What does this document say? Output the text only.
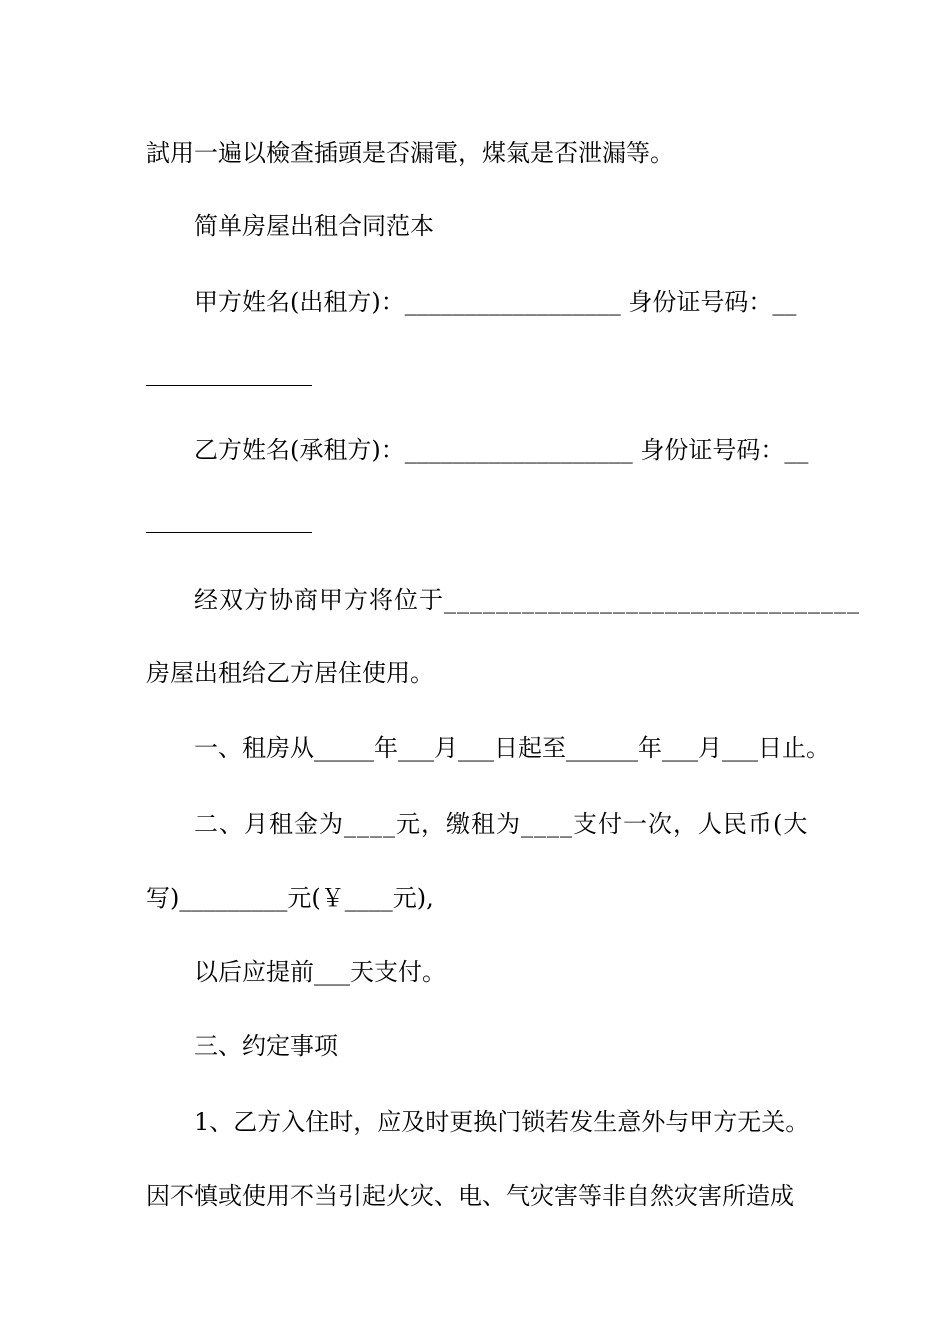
試用一遍以檢查插頭是否漏電，煤氣是否泄漏等。
简单房屋出租合同范本
甲方姓名(出租方)：__________________ 身份证号码：__
乙方姓名(承租方)：___________________ 身份证号码：__
经双方协商甲方将位于________________________________
房屋出租给乙方居住使用。
一、租房从_____年___月___日起至______年___月___日止。
二、月租金为____元，缴租为____支付一次，人民币(大
写)_________元(￥____元),
以后应提前___天支付。
三、约定事项
1、乙方入住时，应及时更换门锁若发生意外与甲方无关。
因不慎或使用不当引起火灾、电、气灾害等非自然灾害所造成
